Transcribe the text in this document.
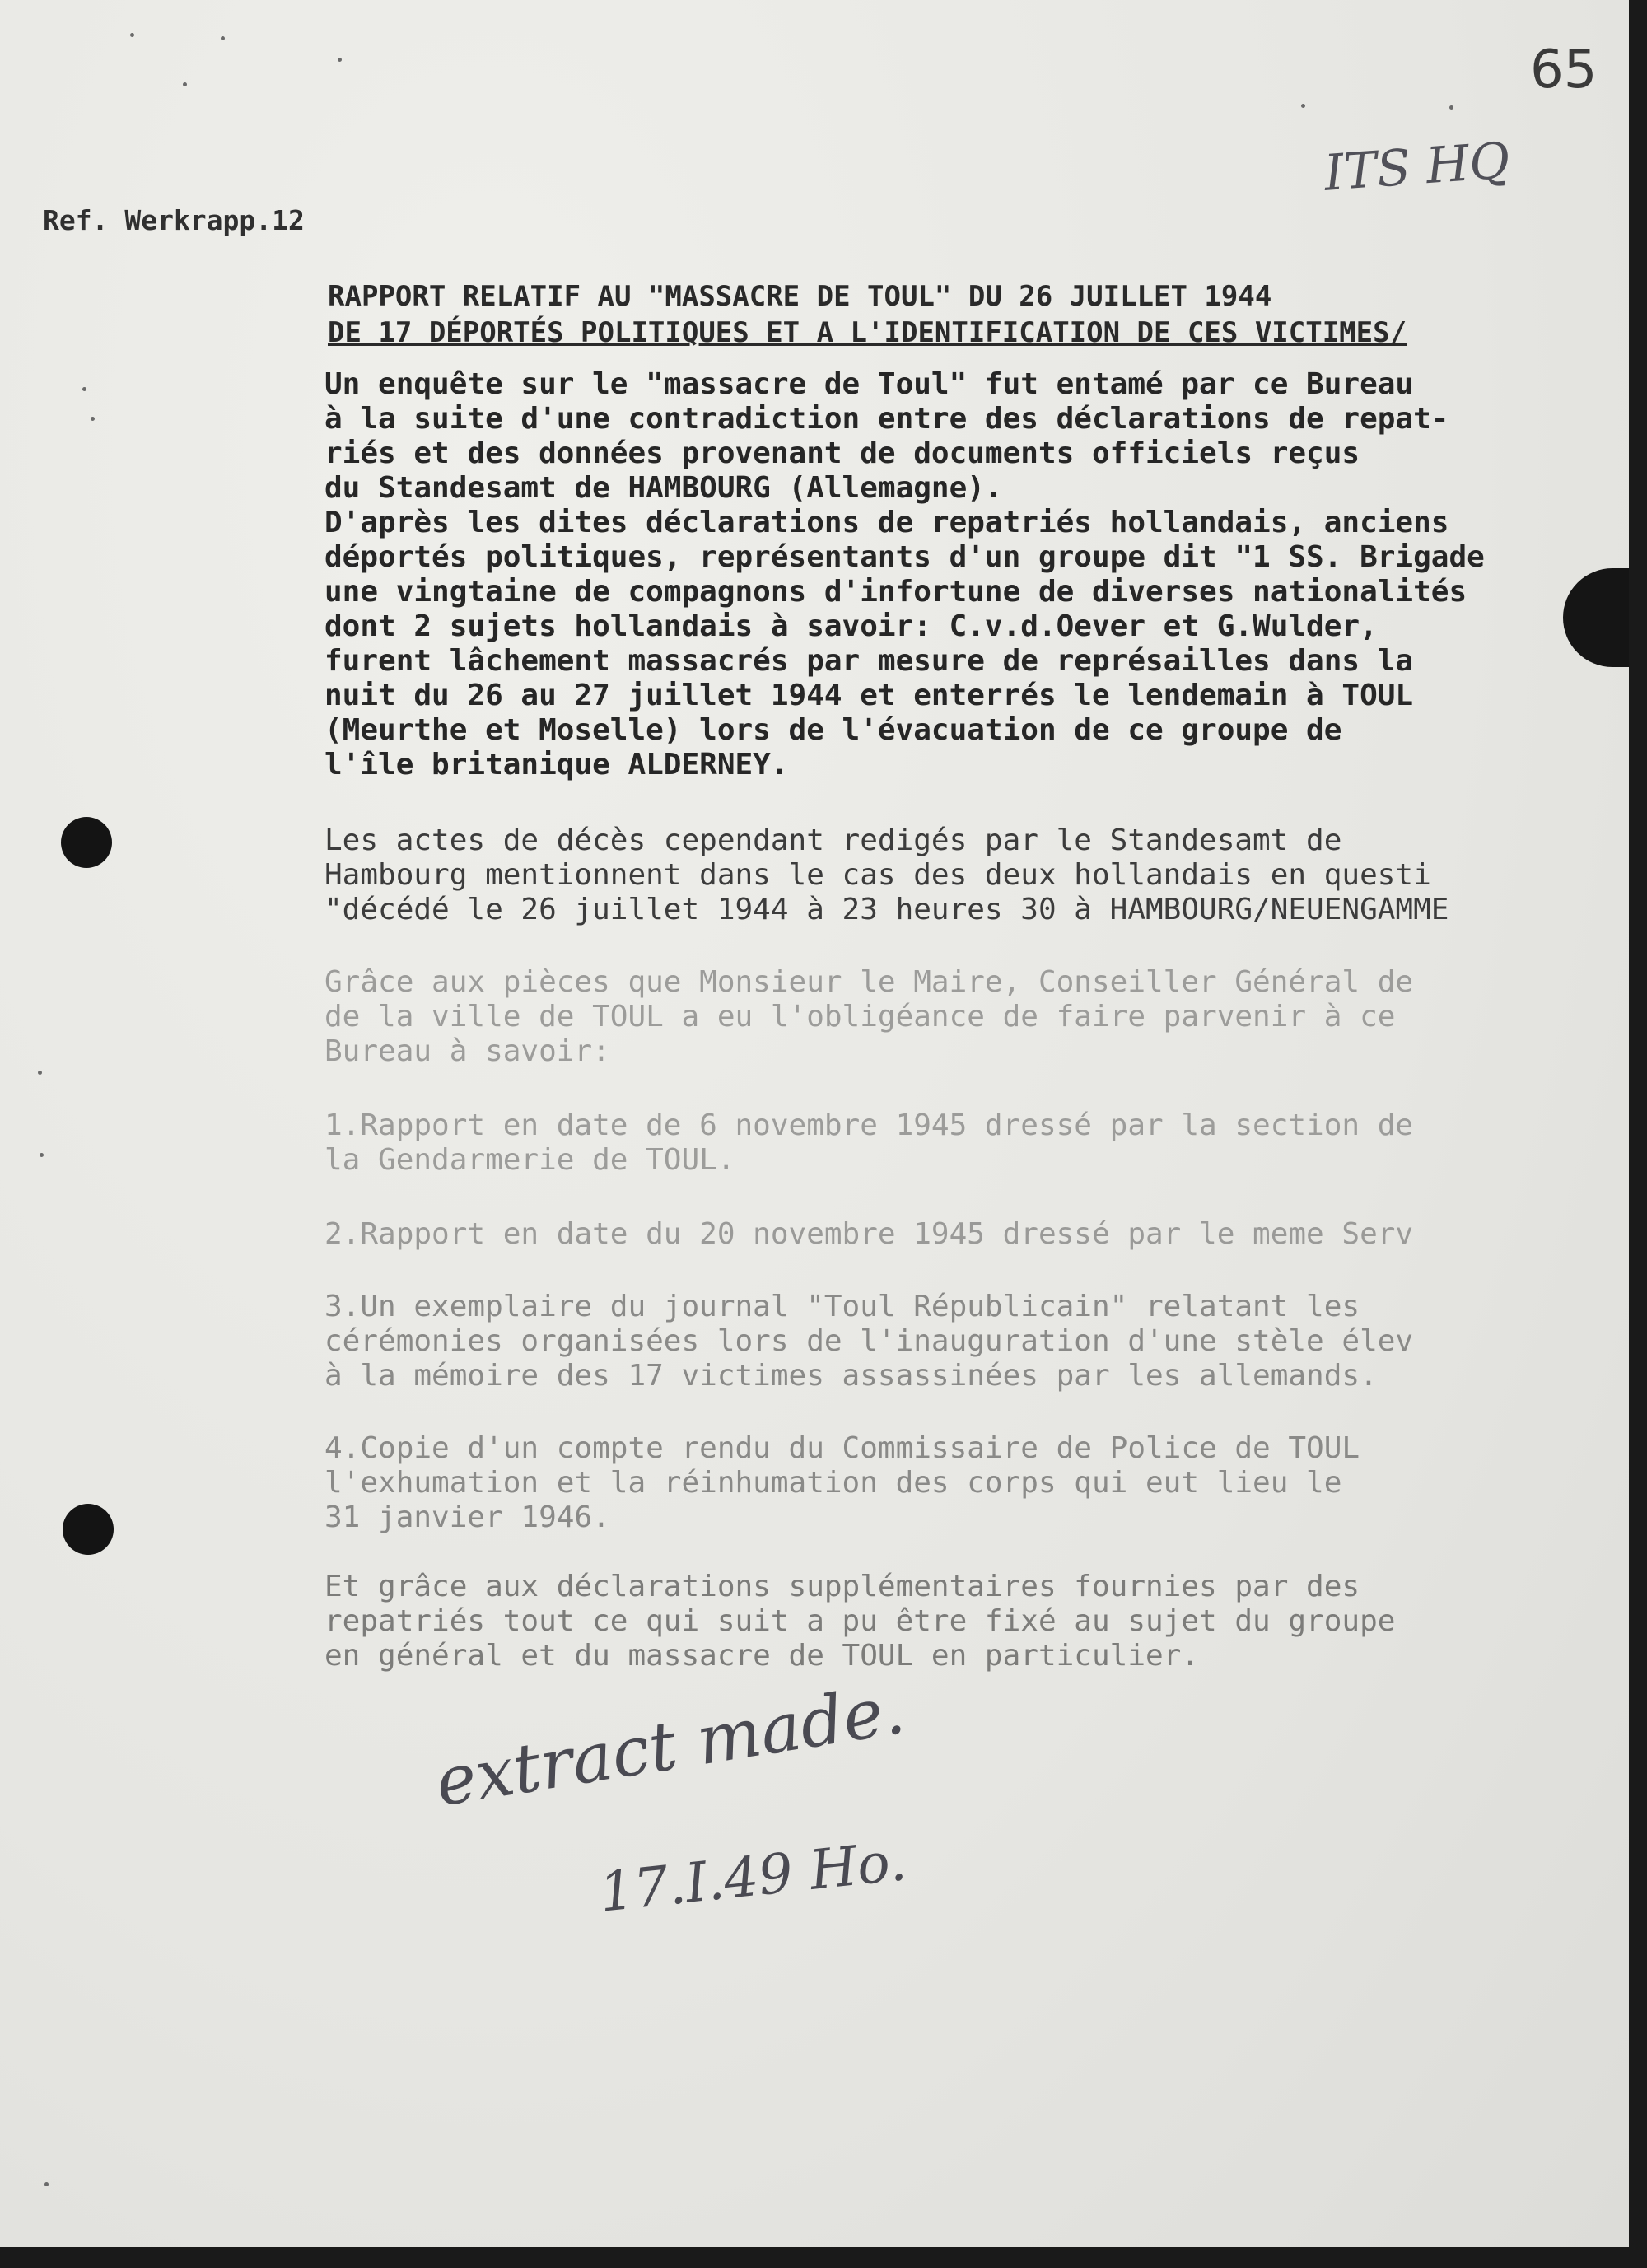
65
ITS HQ
Ref. Werkrapp.12
RAPPORT RELATIF AU "MASSACRE DE TOUL" DU 26 JUILLET 1944
DE 17 DÉPORTÉS POLITIQUES ET A L'IDENTIFICATION DE CES VICTIMES/
Un enquête sur le "massacre de Toul" fut entamé par ce Bureau
à la suite d'une contradiction entre des déclarations de repat-
riés et des données provenant de documents officiels reçus
du Standesamt de HAMBOURG (Allemagne).
D'après les dites déclarations de repatriés hollandais, anciens
déportés politiques, représentants d'un groupe dit "1 SS. Brigade
une vingtaine de compagnons d'infortune de diverses nationalités
dont 2 sujets hollandais à savoir: C.v.d.Oever et G.Wulder,
furent lâchement massacrés par mesure de représailles dans la
nuit du 26 au 27 juillet 1944 et enterrés le lendemain à TOUL
(Meurthe et Moselle) lors de l'évacuation de ce groupe de
l'île britanique ALDERNEY.
Les actes de décès cependant redigés par le Standesamt de
Hambourg mentionnent dans le cas des deux hollandais en questi
"décédé le 26 juillet 1944 à 23 heures 30 à HAMBOURG/NEUENGAMME
Grâce aux pièces que Monsieur le Maire, Conseiller Général de
de la ville de TOUL a eu l'obligéance de faire parvenir à ce
Bureau à savoir:
1.Rapport en date de 6 novembre 1945 dressé par la section de
la Gendarmerie de TOUL.
2.Rapport en date du 20 novembre 1945 dressé par le meme Serv
3.Un exemplaire du journal "Toul Républicain" relatant les
cérémonies organisées lors de l'inauguration d'une stèle élev
à la mémoire des 17 victimes assassinées par les allemands.
4.Copie d'un compte rendu du Commissaire de Police de TOUL
l'exhumation et la réinhumation des corps qui eut lieu le
31 janvier 1946.
Et grâce aux déclarations supplémentaires fournies par des
repatriés tout ce qui suit a pu être fixé au sujet du groupe
en général et du massacre de TOUL en particulier.
extract made.
17.I.49 Ho.
